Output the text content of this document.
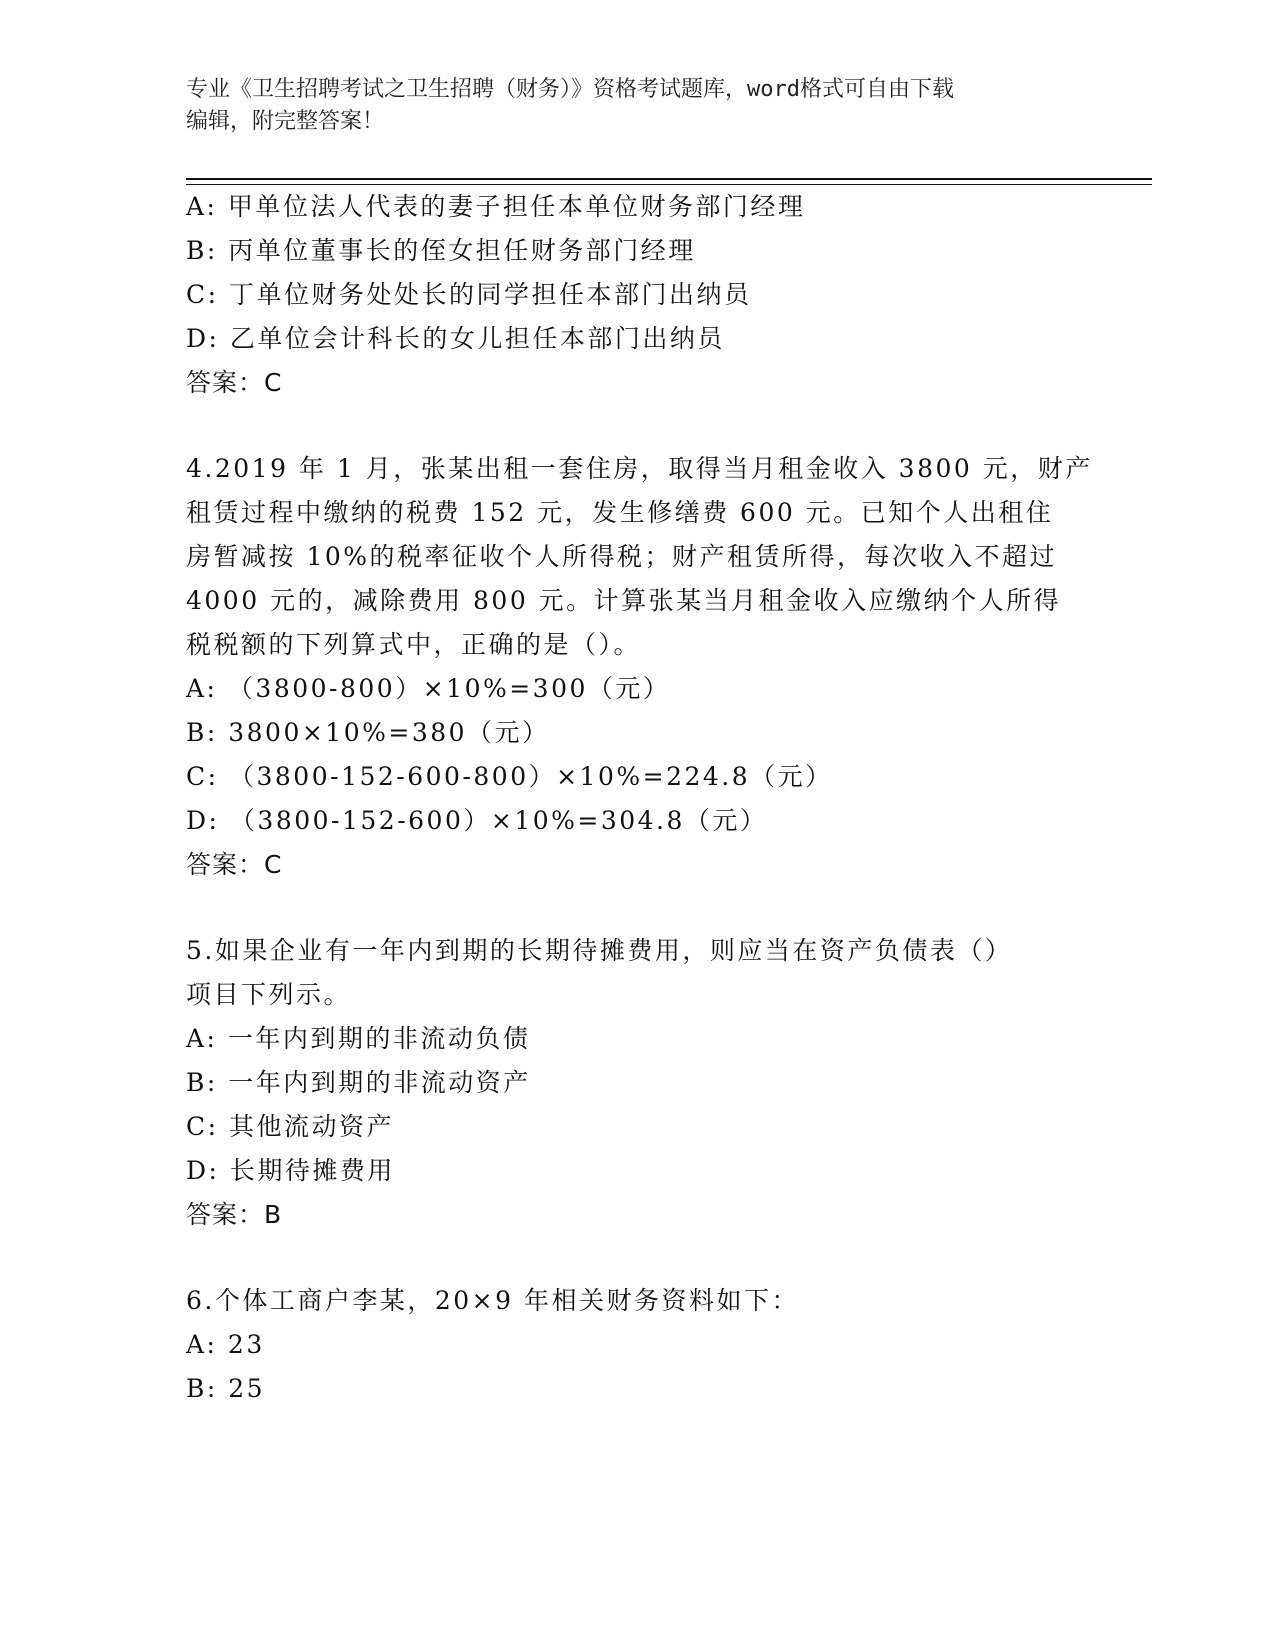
专业《卫生招聘考试之卫生招聘（财务）》资格考试题库，word格式可自由下载
编辑，附完整答案！

A: 甲单位法人代表的妻子担任本单位财务部门经理

B: 丙单位董事长的侄女担任财务部门经理

C: 丁单位财务处处长的同学担任本部门出纳员

D: 乙单位会计科长的女儿担任本部门出纳员

答案：C

4.2019 年 1 月，张某出租一套住房，取得当月租金收入 3800 元，财产

租赁过程中缴纳的税费 152 元，发生修缮费 600 元。已知个人出租住

房暂减按 10%的税率征收个人所得税；财产租赁所得，每次收入不超过

4000 元的，减除费用 800 元。计算张某当月租金收入应缴纳个人所得

税税额的下列算式中，正确的是（）。

A: （3800-800）×10%=300（元）

B: 3800×10%=380（元）

C: （3800-152-600-800）×10%=224.8（元）

D: （3800-152-600）×10%=304.8（元）

答案：C

5.如果企业有一年内到期的长期待摊费用，则应当在资产负债表（）

项目下列示。

A: 一年内到期的非流动负债

B: 一年内到期的非流动资产

C: 其他流动资产

D: 长期待摊费用

答案：B

6.个体工商户李某，20×9 年相关财务资料如下：

A: 23

B: 25
